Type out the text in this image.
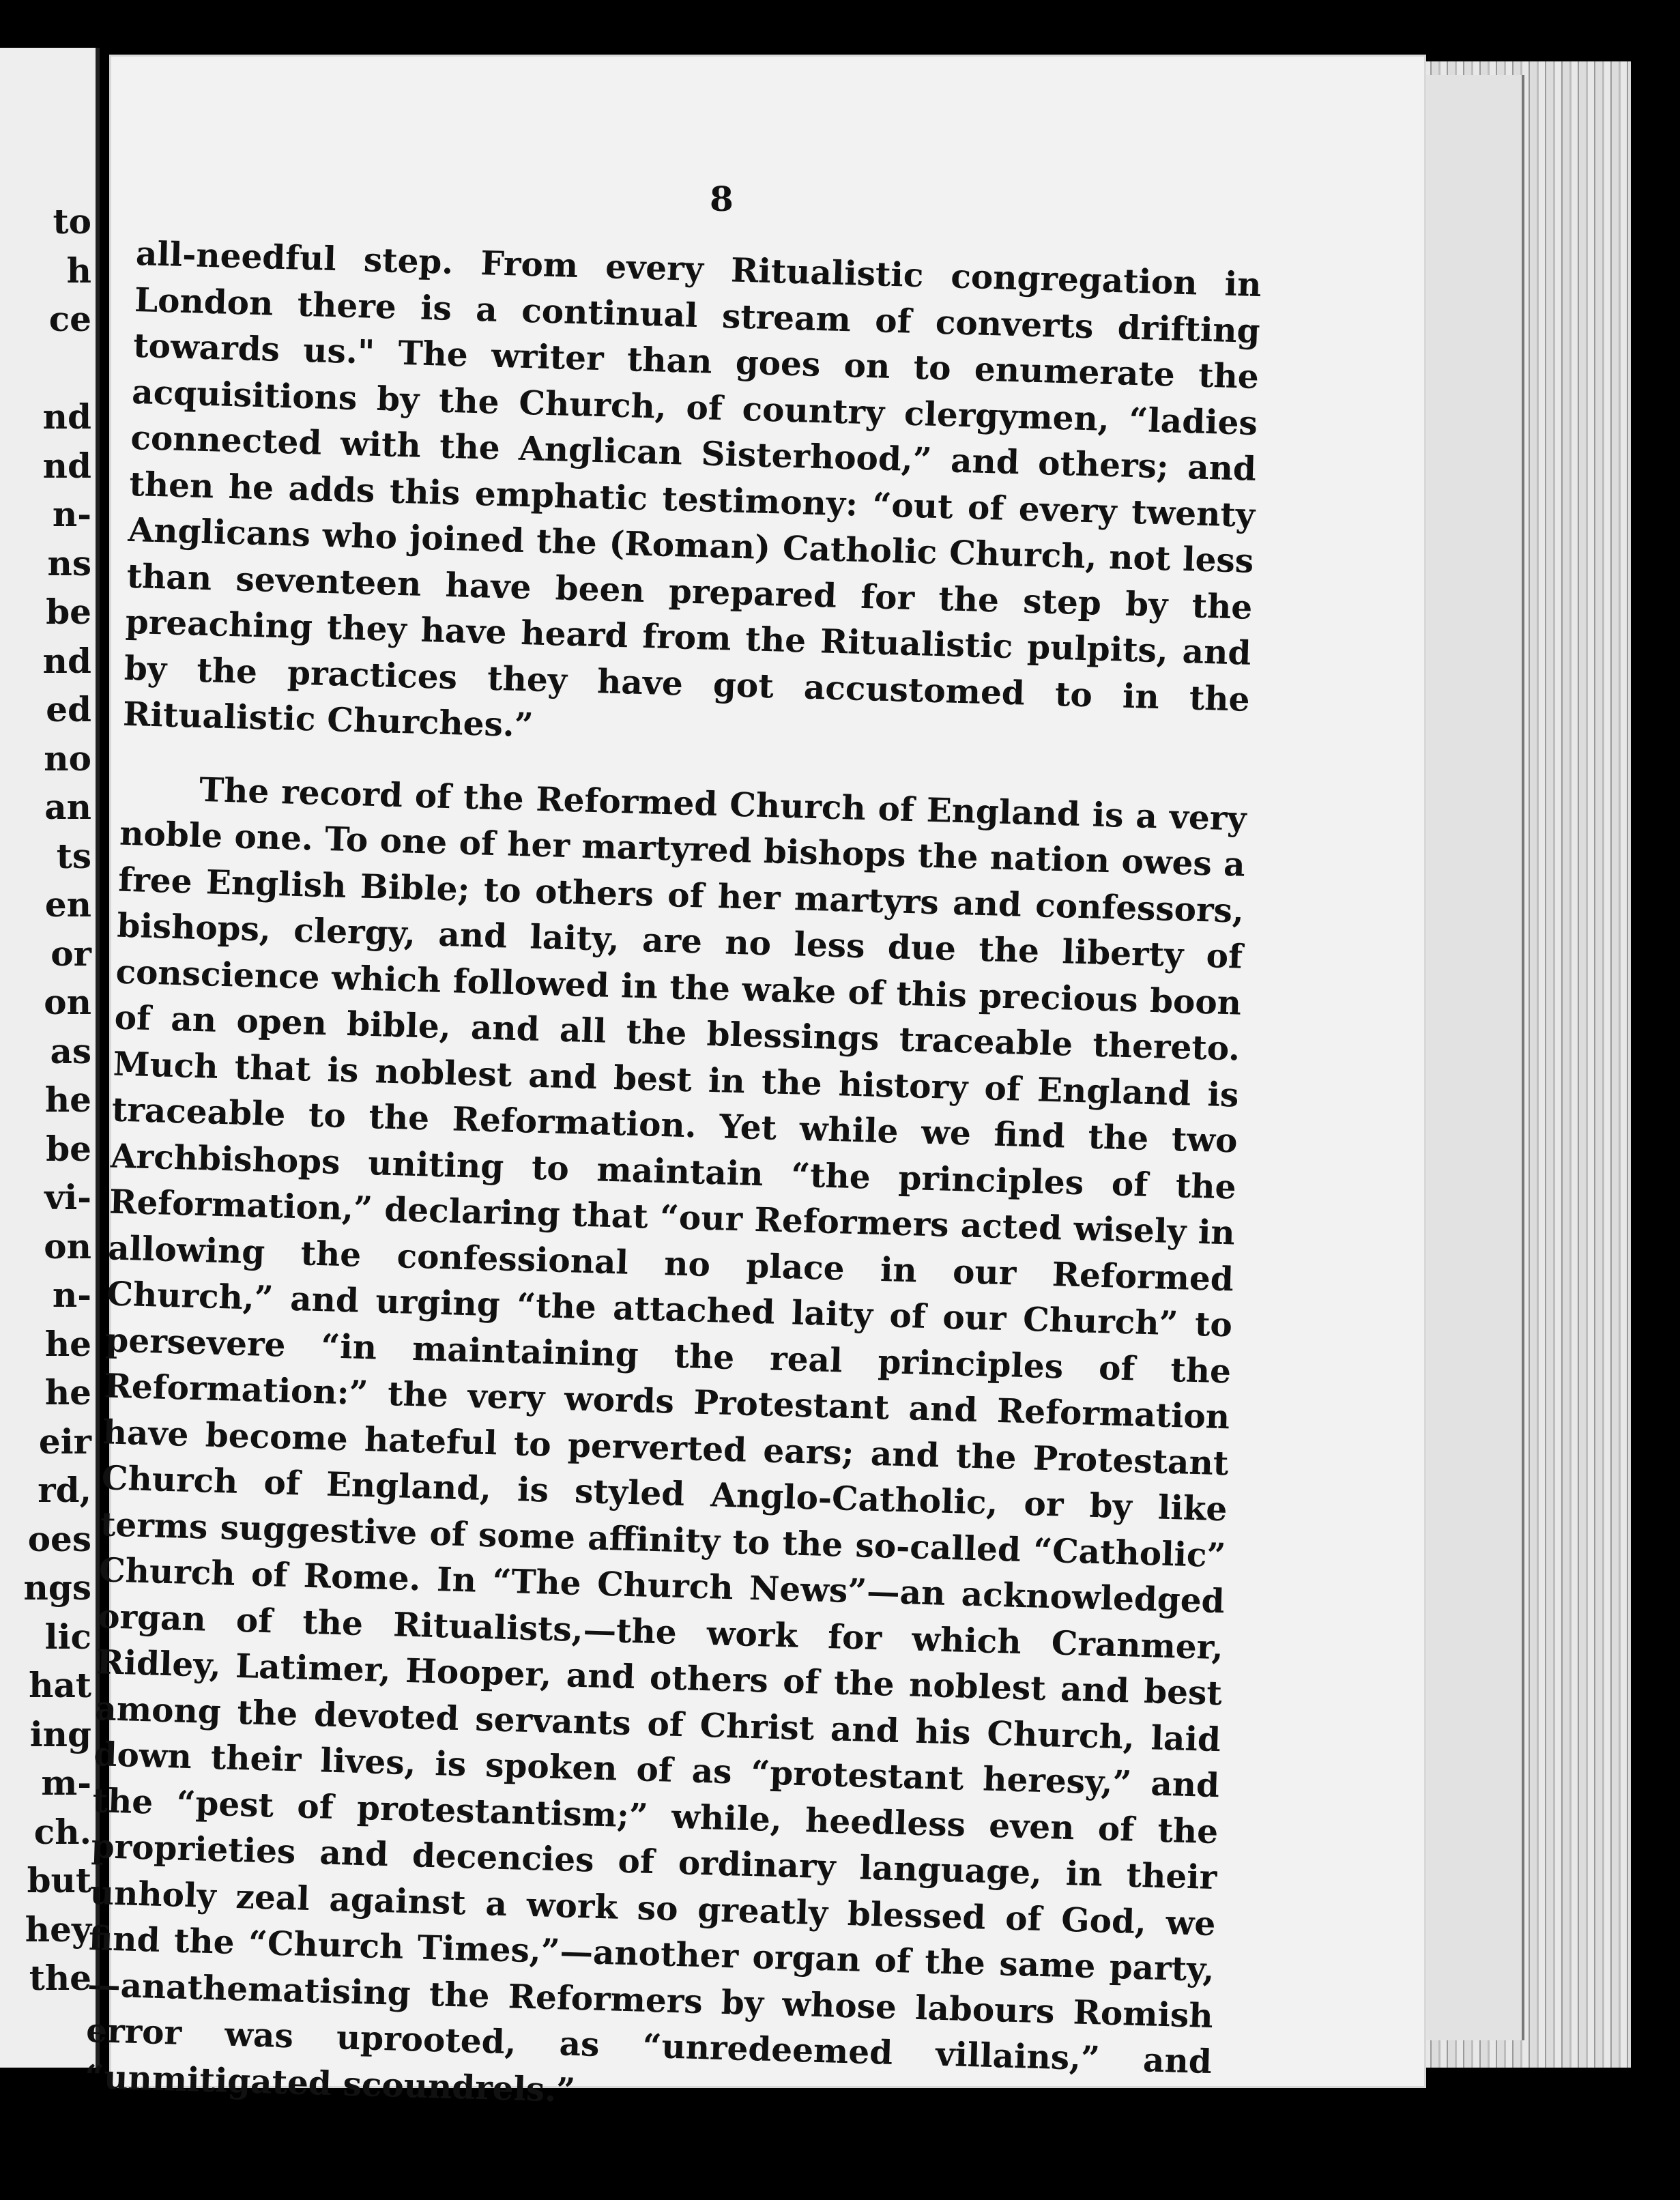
to
h
ce
nd
nd
n-
ns
be
nd
ed
no
an
ts
en
or
on
as
he
be
vi-
on
n-
he
he
eir
rd,
oes
ngs
lic
hat
ing
m-
ch.
but
hey
the
8

all-needful step. From every Ritualistic congregation in London there is a continual stream of converts drifting towards us." The writer than goes on to enumerate the acquisitions by the Church, of country clergymen, “ladies connected with the Anglican Sisterhood,” and others; and then he adds this emphatic testimony: “out of every twenty Anglicans who joined the (Roman) Catholic Church, not less than seventeen have been prepared for the step by the preaching they have heard from the Ritualistic pulpits, and by the practices they have got accustomed to in the Ritualistic Churches.”

The record of the Reformed Church of England is a very noble one. To one of her martyred bishops the nation owes a free English Bible; to others of her martyrs and confessors, bishops, clergy, and laity, are no less due the liberty of conscience which followed in the wake of this precious boon of an open bible, and all the blessings traceable thereto. Much that is noblest and best in the history of England is traceable to the Reformation. Yet while we find the two Archbishops uniting to maintain “the principles of the Reformation,” declaring that “our Reformers acted wisely in allowing the confessional no place in our Reformed Church,” and urging “the attached laity of our Church” to persevere “in maintaining the real principles of the Reformation:” the very words Protestant and Reformation have become hateful to perverted ears; and the Protestant Church of England, is styled Anglo-Catholic, or by like terms suggestive of some affinity to the so-called “Catholic” Church of Rome. In “The Church News”—an acknowledged organ of the Ritualists,—the work for which Cranmer, Ridley, Latimer, Hooper, and others of the noblest and best among the devoted servants of Christ and his Church, laid down their lives, is spoken of as “protestant heresy,” and the “pest of protestantism;” while, heedless even of the proprieties and decencies of ordinary language, in their unholy zeal against a work so greatly blessed of God, we find the “Church Times,”—another organ of the same party,—anathematising the Reformers by whose labours Romish error was uprooted, as “unredeemed villains,” and “unmitigated scoundrels.”
